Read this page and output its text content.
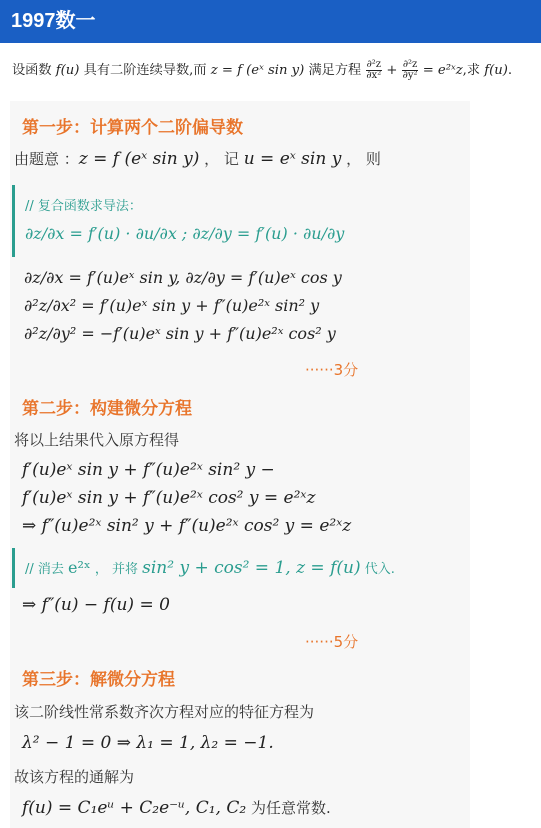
1997数一
设函数 f(u) 具有二阶连续导数,而 z = f (eˣ sin y) 满足方程 $\frac{\text{∂²z}}{\text{∂x²}} + \frac{\text{∂²z}}{\text{∂y²}}$ = e²ˣz,求 f(u).
第一步：计算两个二阶偏导数
由题意 ：z = f (eˣ sin y) ， 记 u = eˣ sin y ， 则
// 复合函数求导法：
∂z/∂x = f′(u) · ∂u/∂x ; ∂z/∂y = f′(u) · ∂u/∂y
∂z/∂x = f′(u)eˣ sin y, ∂z/∂y = f′(u)eˣ cos y
∂²z/∂x² = f′(u)eˣ sin y + f″(u)e²ˣ sin² y
∂²z/∂y² = −f′(u)eˣ sin y + f″(u)e²ˣ cos² y
······3分
第二步：构建微分方程
将以上结果代入原方程得
f′(u)eˣ sin y + f″(u)e²ˣ sin² y −
f′(u)eˣ sin y + f″(u)e²ˣ cos² y = e²ˣz
⇒ f″(u)e²ˣ sin² y + f″(u)e²ˣ cos² y = e²ˣz
// 消去 e²ˣ ， 并将 sin² y + cos² = 1, z = f(u) 代入.
⇒ f″(u) − f(u) = 0
······5分
第三步：解微分方程
该二阶线性常系数齐次方程对应的特征方程为
λ² − 1 = 0 ⇒ λ₁ = 1, λ₂ = −1.
故该方程的通解为
f(u) = C₁eᵘ + C₂e⁻ᵘ, C₁, C₂ 为任意常数.
